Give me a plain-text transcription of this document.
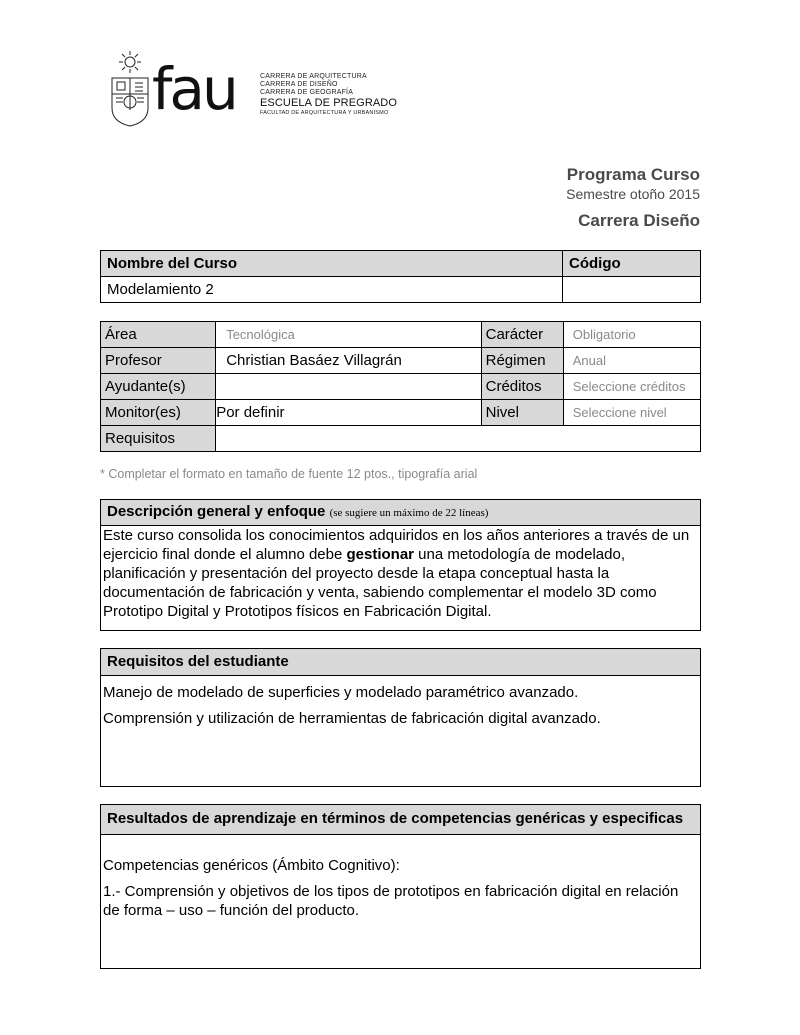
fau	CARRERA DE ARQUITECTURA
CARRERA DE DISEÑO
CARRERA DE GEOGRAFÍA
ESCUELA DE PREGRADO
FACULTAD DE ARQUITECTURA Y URBANISMO
Programa Curso
Semestre otoño 2015
Carrera Diseño
Nombre del Curso	Código
Modelamiento 2	
Área	Tecnológica	Carácter	Obligatorio
Profesor	Christian Basáez Villagrán	Régimen	Anual
Ayudante(s)		Créditos	Seleccione créditos
Monitor(es)	Por definir	Nivel	Seleccione nivel
Requisitos			
* Completar el formato en tamaño de fuente 12 ptos., tipografía arial
Descripción general y enfoque (se sugiere un máximo de 22 líneas)
Este curso consolida los conocimientos adquiridos en los años anteriores a través de un ejercicio final donde el alumno debe gestionar una metodología de modelado, planificación y presentación del proyecto desde la etapa conceptual hasta la documentación de fabricación y venta, sabiendo complementar el modelo 3D como Prototipo Digital y Prototipos físicos en Fabricación Digital.
Requisitos del estudiante

Manejo de modelado de superficies y modelado paramétrico avanzado.

Comprensión y utilización de herramientas de fabricación digital avanzado.

Resultados de aprendizaje en términos de competencias genéricas y especificas

Competencias genéricos (Ámbito Cognitivo):

1.- Comprensión y objetivos de los tipos de prototipos en fabricación digital en relación de forma – uso – función del producto.
